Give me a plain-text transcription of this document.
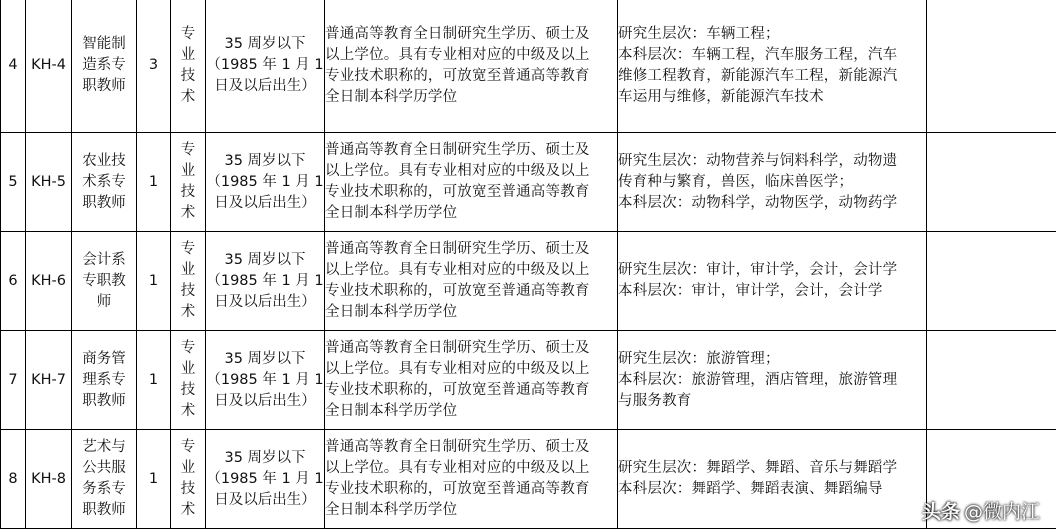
4	KH-4	智能制
造系专
职教师	3	专
业
技
术	35 周岁以下
（1985 年 1 月 1
日及以后出生）	普通高等教育全日制研究生学历、硕士及
以上学位。具有专业相对应的中级及以上
专业技术职称的，可放宽至普通高等教育
全日制本科学历学位	研究生层次：车辆工程；
本科层次：车辆工程，汽车服务工程，汽车
维修工程教育，新能源汽车工程，新能源汽
车运用与维修，新能源汽车技术	

5	KH-5	农业技
术系专
职教师	1	专
业
技
术	35 周岁以下
（1985 年 1 月 1
日及以后出生）	普通高等教育全日制研究生学历、硕士及
以上学位。具有专业相对应的中级及以上
专业技术职称的，可放宽至普通高等教育
全日制本科学历学位	研究生层次：动物营养与饲料科学，动物遗
传育种与繁育，兽医，临床兽医学；
本科层次：动物科学，动物医学，动物药学	

6	KH-6	会计系
专职教
师	1	专
业
技
术	35 周岁以下
（1985 年 1 月 1
日及以后出生）	普通高等教育全日制研究生学历、硕士及
以上学位。具有专业相对应的中级及以上
专业技术职称的，可放宽至普通高等教育
全日制本科学历学位	研究生层次：审计，审计学，会计，会计学
本科层次：审计，审计学，会计，会计学	

7	KH-7	商务管
理系专
职教师	1	专
业
技
术	35 周岁以下
（1985 年 1 月 1
日及以后出生）	普通高等教育全日制研究生学历、硕士及
以上学位。具有专业相对应的中级及以上
专业技术职称的，可放宽至普通高等教育
全日制本科学历学位	研究生层次：旅游管理；
本科层次：旅游管理，酒店管理，旅游管理
与服务教育	

8	KH-8	艺术与
公共服
务系专
职教师	1	专
业
技
术	35 周岁以下
（1985 年 1 月 1
日及以后出生）	普通高等教育全日制研究生学历、硕士及
以上学位。具有专业相对应的中级及以上
专业技术职称的，可放宽至普通高等教育
全日制本科学历学位	研究生层次：舞蹈学、舞蹈、音乐与舞蹈学
本科层次：舞蹈学、舞蹈表演、舞蹈编导	

头条 @微内江
